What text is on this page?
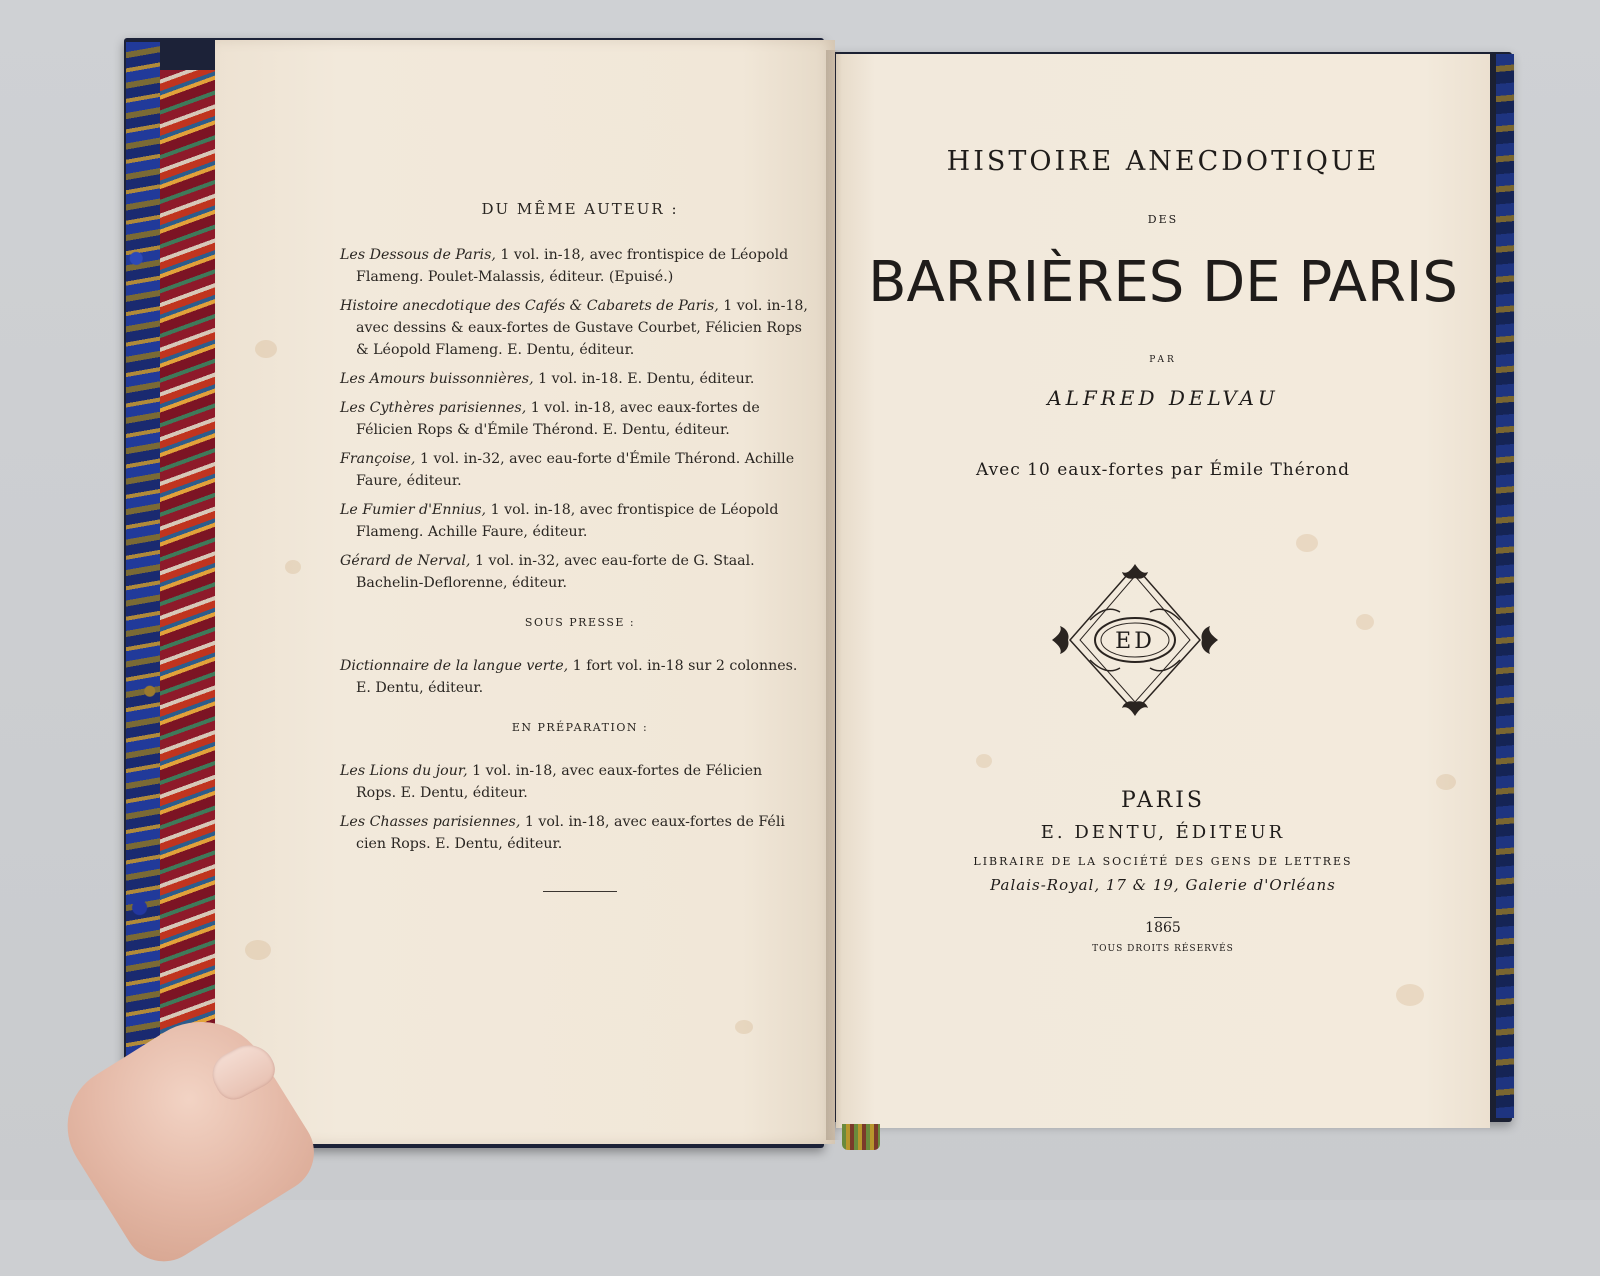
DU MÊME AUTEUR :
Les Dessous de Paris, 1 vol. in-18, avec frontispice de Léopold
Flameng. Poulet-Malassis, éditeur. (Epuisé.)
Histoire anecdotique des Cafés & Cabarets de Paris, 1 vol. in-18,
avec dessins & eaux-fortes de Gustave Courbet, Félicien Rops
& Léopold Flameng. E. Dentu, éditeur.
Les Amours buissonnières, 1 vol. in-18. E. Dentu, éditeur.
Les Cythères parisiennes, 1 vol. in-18, avec eaux-fortes de
Félicien Rops & d'Émile Thérond. E. Dentu, éditeur.
Françoise, 1 vol. in-32, avec eau-forte d'Émile Thérond. Achille
Faure, éditeur.
Le Fumier d'Ennius, 1 vol. in-18, avec frontispice de Léopold
Flameng. Achille Faure, éditeur.
Gérard de Nerval, 1 vol. in-32, avec eau-forte de G. Staal.
Bachelin-Deflorenne, éditeur.
SOUS PRESSE :
Dictionnaire de la langue verte, 1 fort vol. in-18 sur 2 colonnes.
E. Dentu, éditeur.
EN PRÉPARATION :
Les Lions du jour, 1 vol. in-18, avec eaux-fortes de Félicien
Rops. E. Dentu, éditeur.
Les Chasses parisiennes, 1 vol. in-18, avec eaux-fortes de Féli
cien Rops. E. Dentu, éditeur.
HISTOIRE ANECDOTIQUE
DES
BARRIÈRES DE PARIS
PAR
ALFRED DELVAU
Avec 10 eaux-fortes par Émile Thérond
ED
PARIS
E. DENTU, ÉDITEUR
LIBRAIRE DE LA SOCIÉTÉ DES GENS DE LETTRES
Palais-Royal, 17 & 19, Galerie d'Orléans
1865
TOUS DROITS RÉSERVÉS
